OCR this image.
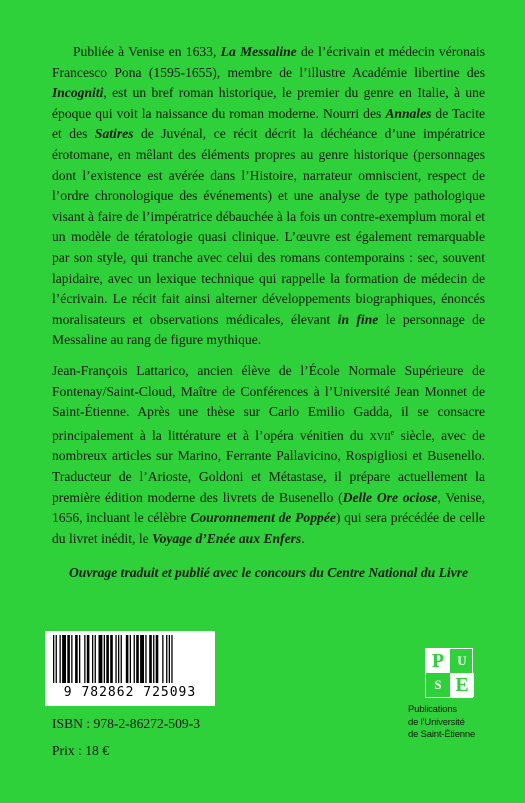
Publiée à Venise en 1633, La Messaline de l’écrivain et médecin véronais Francesco Pona (1595-1655), membre de l’illustre Académie libertine des Incogniti, est un bref roman historique, le premier du genre en Italie, à une époque qui voit la naissance du roman moderne. Nourri des Annales de Tacite et des Satires de Juvénal, ce récit décrit la déchéance d’une impératrice érotomane, en mêlant des éléments propres au genre historique (personnages dont l’existence est avérée dans l’Histoire, narrateur omniscient, respect de l’ordre chronologique des événements) et une analyse de type pathologique visant à faire de l’impératrice débauchée à la fois un contre-exemplum moral et un modèle de tératologie quasi clinique. L’œuvre est également remarquable par son style, qui tranche avec celui des romans contemporains : sec, souvent lapidaire, avec un lexique technique qui rappelle la formation de médecin de l’écrivain. Le récit fait ainsi alterner développements biographiques, énoncés moralisateurs et observations médicales, élevant in fine le personnage de Messaline au rang de figure mythique.

Jean-François Lattarico, ancien élève de l’École Normale Supérieure de Fontenay/Saint-Cloud, Maître de Conférences à l’Université Jean Monnet de Saint-Étienne. Après une thèse sur Carlo Emilio Gadda, il se consacre principalement à la littérature et à l’opéra vénitien du xvii$^e$ siècle, avec de nombreux articles sur Marino, Ferrante Pallavicino, Rospigliosi et Busenello. Traducteur de l’Arioste, Goldoni et Métastase, il prépare actuellement la première édition moderne des livrets de Busenello (Delle Ore ociose, Venise, 1656, incluant le célèbre Couronnement de Poppée) qui sera précédée de celle du livret inédit, le Voyage d’Enée aux Enfers.

Ouvrage traduit et publié avec le concours du Centre National du Livre

9 782862 725093

ISBN : 978-2-86272-509-3

Prix : 18 €

P	U
S E
Publications
de l’Université
de Saint-Étienne
